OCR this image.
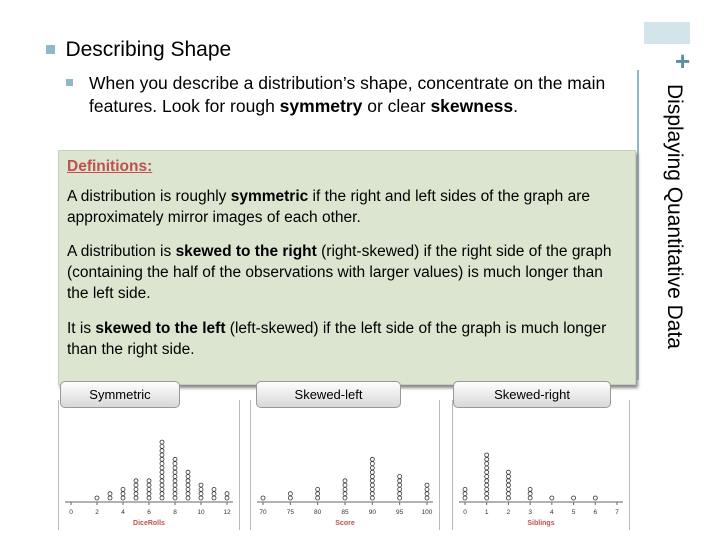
+
Displaying Quantitative Data
Describing Shape

When you describe a distribution’s shape, concentrate on the main features. Look for rough symmetry or clear skewness.

Definitions:

A distribution is roughly symmetric if the right and left sides of the graph are approximately mirror images of each other.

A distribution is skewed to the right (right-skewed) if the right side of the graph (containing the half of the observations with larger values) is much longer than the left side.

It is skewed to the left (left-skewed) if the left side of the graph is much longer than the right side.

0	2	4	6	8	10	12
DiceRolls
70	75	80	85	90	95	100
Score
0	1	2	3	4	5	6	7
Siblings
Symmetric	Skewed-left	Skewed-right
